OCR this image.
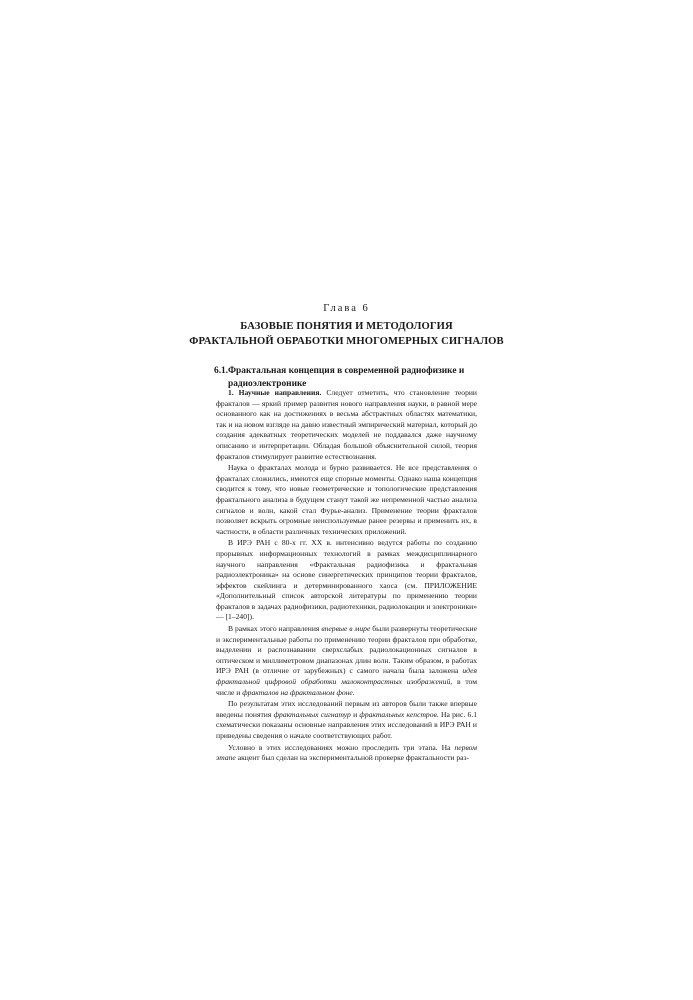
Глава 6
БАЗОВЫЕ ПОНЯТИЯ И МЕТОДОЛОГИЯ
ФРАКТАЛЬНОЙ ОБРАБОТКИ МНОГОМЕРНЫХ СИГНАЛОВ
6.1. Фрактальная концепция в современной радиофизике и радиоэлектронике

1. Научные направления. Следует отметить, что становление теории фракталов — яркий пример развития нового направления науки, в равной мере основанного как на достижениях в весьма абстрактных областях математики, так и на новом взгляде на давно известный эмпирический материал, который до создания адекватных теоретических моделей не поддавался даже научному описанию и интерпретации. Обладая большой объяснительной силой, теория фракталов стимулирует развитие естествознания.

Наука о фракталах молода и бурно развивается. Не все представления о фракталах сложились, имеются еще спорные моменты. Однако наша концепция сводится к тому, что новые геометрические и топологические представления фрактального анализа в будущем станут такой же непременной частью анализа сигналов и волн, какой стал Фурье-анализ. Применение теории фракталов позволяет вскрыть огромные неиспользуемые ранее резервы и применить их, в частности, в области различных технических приложений.

В ИРЭ РАН с 80-х гг. XX в. интенсивно ведутся работы по созданию прорывных информационных технологий в рамках междисциплинарного научного направления «Фрактальная радиофизика и фрактальная радиоэлектроника» на основе синергетических принципов теории фракталов, эффектов скейлинга и детерминированного хаоса (см. ПРИЛОЖЕНИЕ «Дополнительный список авторской литературы по применению теории фракталов в задачах радиофизики, радиотехники, радиолокации и электроники» — [1–240]).

В рамках этого направления впервые в мире были развернуты теоретические и экспериментальные работы по применению теории фракталов при обработке, выделении и распознавании сверхслабых радиолокационных сигналов в оптическом и миллиметровом диапазонах длин волн. Таким образом, в работах ИРЭ РАН (в отличие от зарубежных) с самого начала была заложена идея фрактальной цифровой обработки малоконтрастных изображений, в том числе и фракталов на фрактальном фоне.

По результатам этих исследований первым из авторов были также впервые введены понятия фрактальных сигнатур и фрактальных кепстров. На рис. 6.1 схематически показаны основные направления этих исследований в ИРЭ РАН и приведены сведения о начале соответствующих работ.

Условно в этих исследованиях можно проследить три этапа. На первом этапе акцент был сделан на экспериментальной проверке фрактальности раз-
